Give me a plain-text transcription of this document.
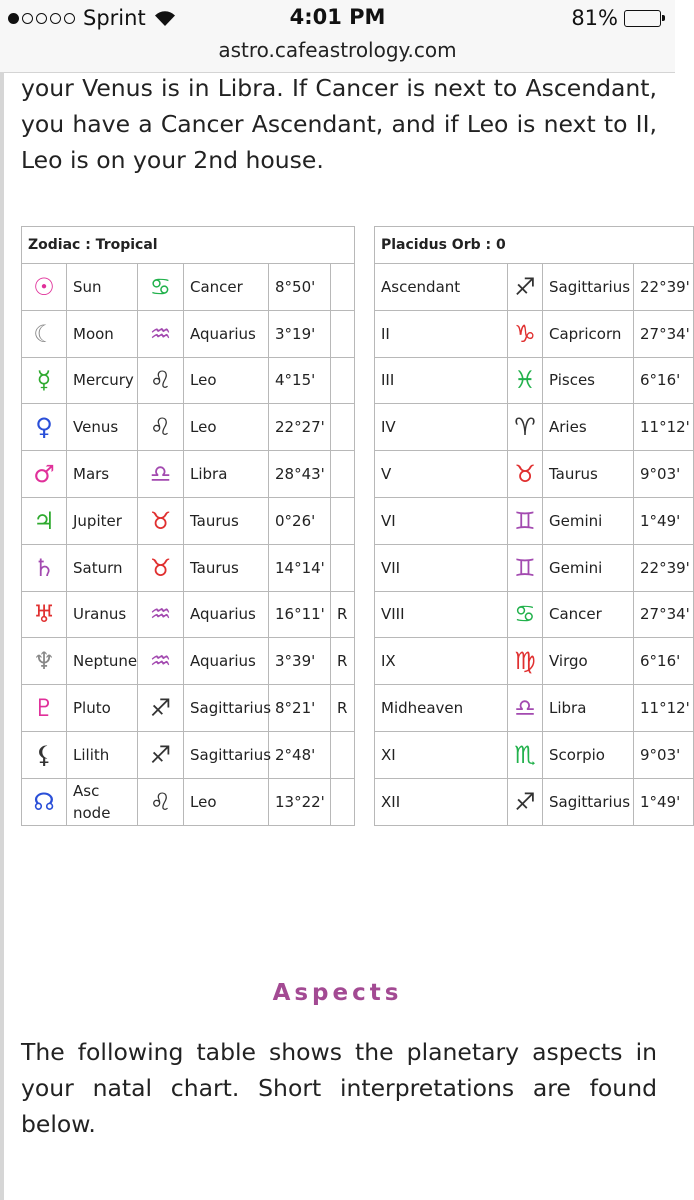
Sprint	4:01 PM	81%
astro.cafeastrology.com

your Venus is in Libra. If Cancer is next to Ascendant, you have a Cancer Ascendant, and if Leo is next to II, Leo is on your 2nd house.

Zodiac : Tropical							Placidus Orb : 0			
☉	Sun	♋	Cancer	8°50'			Ascendant	♐	Sagittarius	22°39'
☾	Moon	♒	Aquarius	3°19'			II	♑	Capricorn	27°34'
☿	Mercury	♌	Leo	4°15'			III	♓	Pisces	6°16'
♀	Venus	♌	Leo	22°27'			IV	♈	Aries	11°12'
♂	Mars	♎	Libra	28°43'			V	♉	Taurus	9°03'
♃	Jupiter	♉	Taurus	0°26'			VI	♊	Gemini	1°49'
♄	Saturn	♉	Taurus	14°14'			VII	♊	Gemini	22°39'
♅	Uranus	♒	Aquarius	16°11'	R		VIII	♋	Cancer	27°34'
♆	Neptune	♒	Aquarius	3°39'	R		IX	♍	Virgo	6°16'
♇	Pluto	♐	Sagittarius	8°21'	R		Midheaven	♎	Libra	11°12'
⚸	Lilith	♐	Sagittarius	2°48'			XI	♏	Scorpio	9°03'
☊	Asc node	♌	Leo	13°22'			XII	♐	Sagittarius	1°49'
Aspects

The following table shows the planetary aspects in your natal chart. Short interpretations are found below.
